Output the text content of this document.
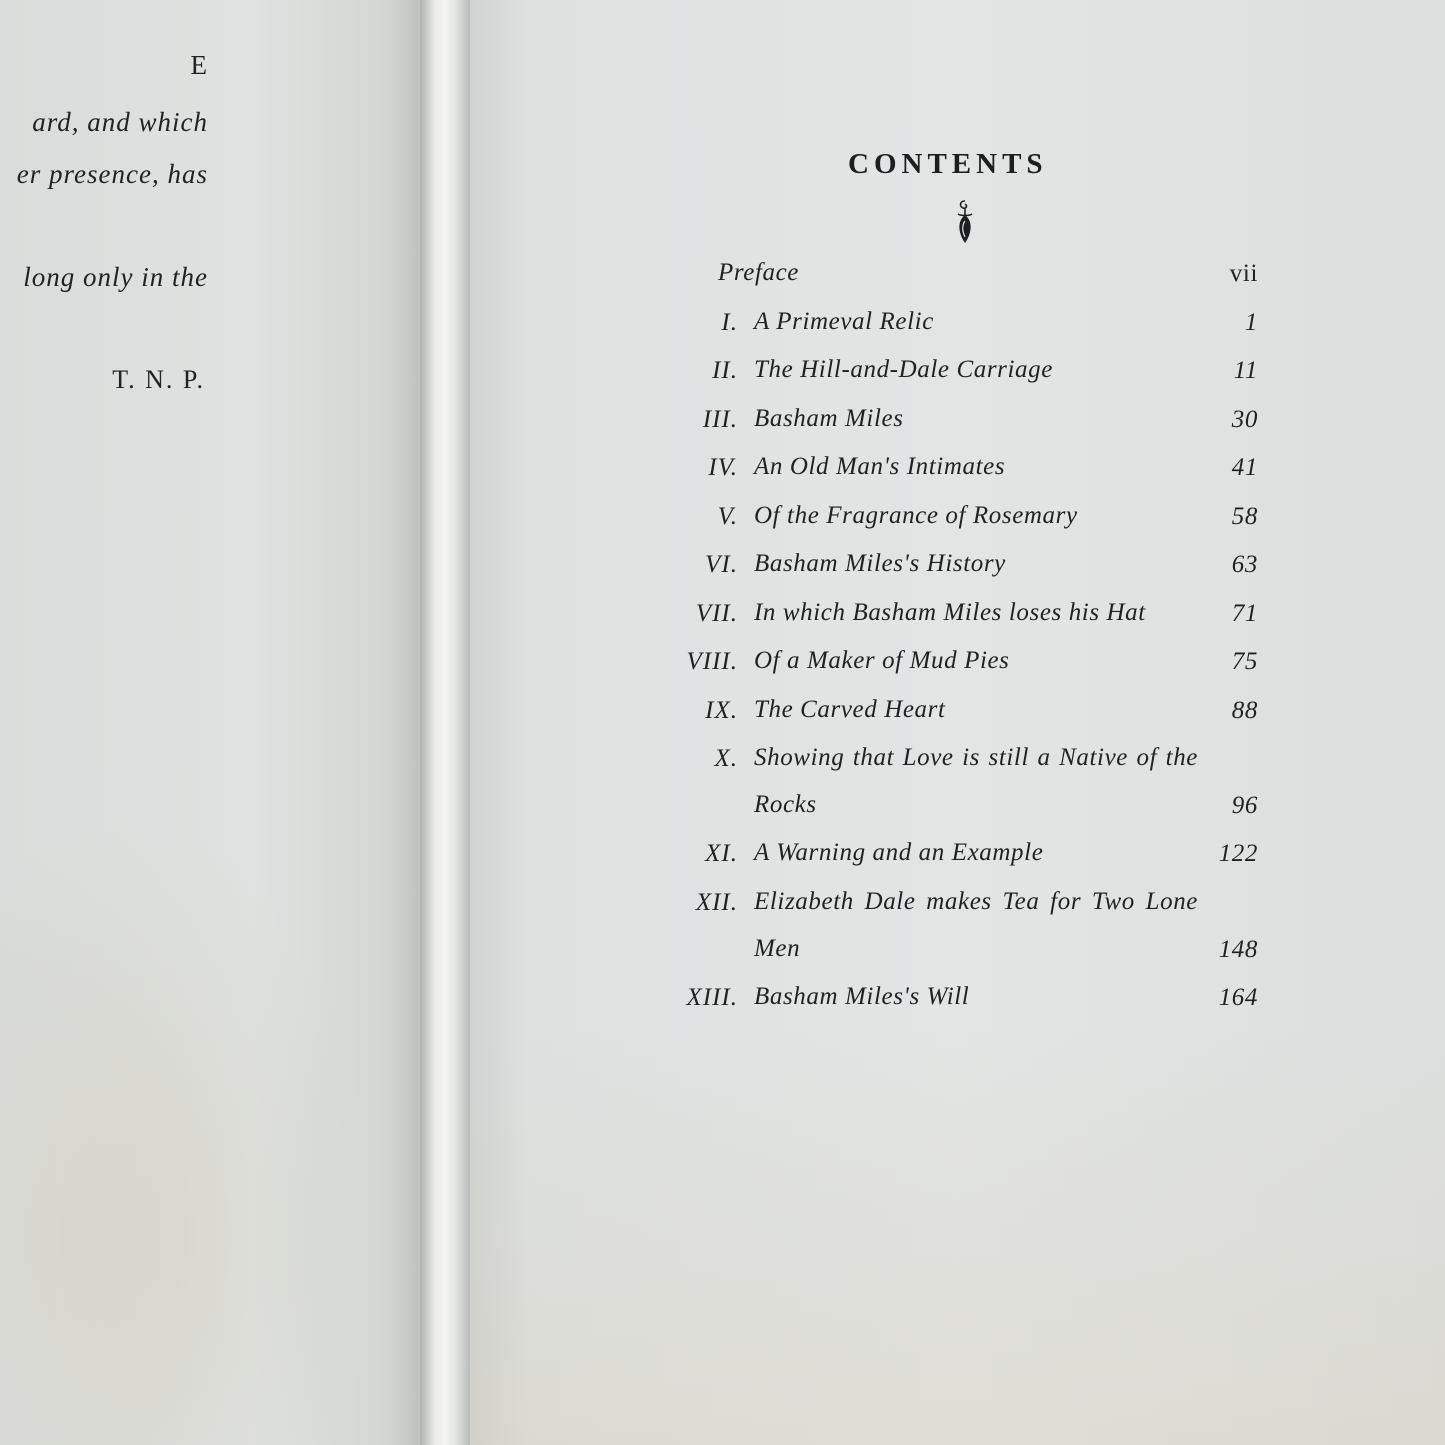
E
ard, and which
er presence, has
long only in the
T. N. P.
CONTENTS
Preface	vii
I. A Primeval Relic	1
II. The Hill-and-Dale Carriage	11
III. Basham Miles	30
IV. An Old Man's Intimates	41
V. Of the Fragrance of Rosemary	58
VI. Basham Miles's History	63
VII. In which Basham Miles loses his Hat	71
VIII. Of a Maker of Mud Pies	75
IX. The Carved Heart	88
X. Showing that Love is still a Native of the Rocks	96
XI. A Warning and an Example	122
XII. Elizabeth Dale makes Tea for Two Lone Men	148
XIII. Basham Miles's Will	164
